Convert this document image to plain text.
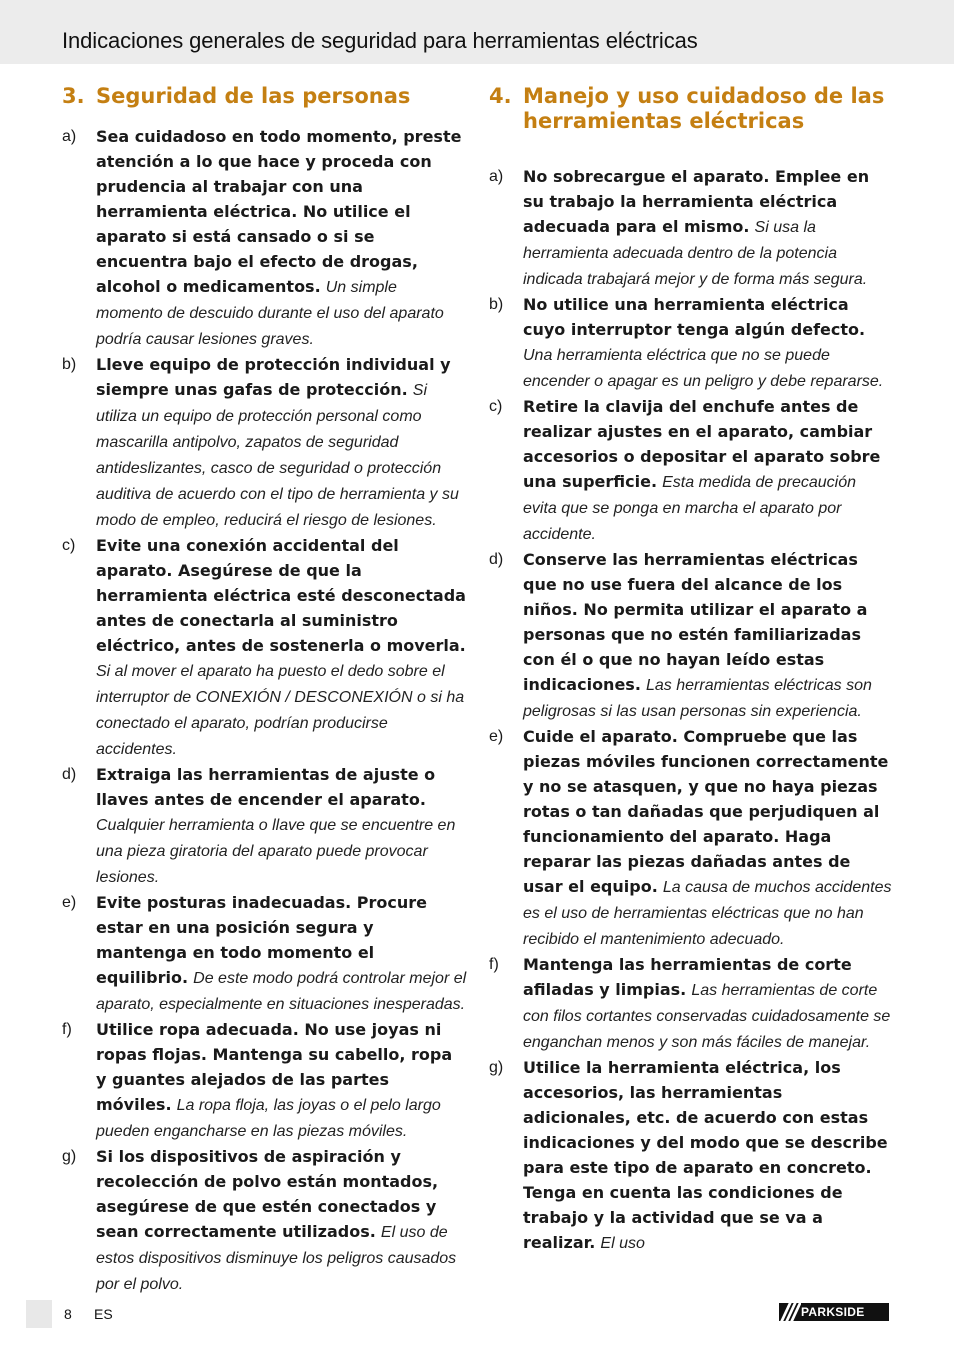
Indicaciones generales de seguridad para herramientas eléctricas
3. Seguridad de las personas
a)	Sea cuidadoso en todo momento, preste atención a lo que hace y proceda con prudencia al trabajar con una herramienta eléctrica. No utilice el aparato si está cansado o si se encuentra bajo el efecto de drogas, alcohol o medicamentos. Un simple momento de descuido durante el uso del aparato podría causar lesiones graves.
b)	Lleve equipo de protección individual y siempre unas gafas de protección. Si utiliza un equipo de protección personal como mascarilla antipolvo, zapatos de seguridad antideslizantes, casco de seguridad o protección auditiva de acuerdo con el tipo de herramienta y su modo de empleo, reducirá el riesgo de lesiones.
c)	Evite una conexión accidental del aparato. Asegúrese de que la herramienta eléctrica esté desconectada antes de conectarla al suministro eléctrico, antes de sostenerla o moverla. Si al mover el aparato ha puesto el dedo sobre el interruptor de CONEXIÓN / DESCONEXIÓN o si ha conectado el aparato, podrían producirse accidentes.
d)	Extraiga las herramientas de ajuste o llaves antes de encender el aparato. Cualquier herramienta o llave que se encuentre en una pieza giratoria del aparato puede provocar lesiones.
e)	Evite posturas inadecuadas. Procure estar en una posición segura y mantenga en todo momento el equilibrio. De este modo podrá controlar mejor el aparato, especialmente en situaciones inesperadas.
f)	Utilice ropa adecuada. No use joyas ni ropas flojas. Mantenga su cabello, ropa y guantes alejados de las partes móviles. La ropa floja, las joyas o el pelo largo pueden engancharse en las piezas móviles.
g)	Si los dispositivos de aspiración y recolección de polvo están montados, asegúrese de que estén conectados y sean correctamente utilizados. El uso de estos dispositivos disminuye los peligros causados por el polvo.
4. Manejo y uso cuidadoso de las herramientas eléctricas
a)	No sobrecargue el aparato. Emplee en su trabajo la herramienta eléctrica adecuada para el mismo. Si usa la herramienta adecuada dentro de la potencia indicada trabajará mejor y de forma más segura.
b)	No utilice una herramienta eléctrica cuyo interruptor tenga algún defecto. Una herramienta eléctrica que no se puede encender o apagar es un peligro y debe repararse.
c)	Retire la clavija del enchufe antes de realizar ajustes en el aparato, cambiar accesorios o depositar el aparato sobre una superficie. Esta medida de precaución evita que se ponga en marcha el aparato por accidente.
d)	Conserve las herramientas eléctricas que no use fuera del alcance de los niños. No permita utilizar el aparato a personas que no estén familiarizadas con él o que no hayan leído estas indicaciones. Las herramientas eléctricas son peligrosas si las usan personas sin experiencia.
e)	Cuide el aparato. Compruebe que las piezas móviles funcionen correctamente y no se atasquen, y que no haya piezas rotas o tan dañadas que perjudiquen al funcionamiento del aparato. Haga reparar las piezas dañadas antes de usar el equipo. La causa de muchos accidentes es el uso de herramientas eléctricas que no han recibido el mantenimiento adecuado.
f)	Mantenga las herramientas de corte afiladas y limpias. Las herramientas de corte con filos cortantes conservadas cuidadosamente se enganchan menos y son más fáciles de manejar.
g)	Utilice la herramienta eléctrica, los accesorios, las herramientas adicionales, etc. de acuerdo con estas indicaciones y del modo que se describe para este tipo de aparato en concreto. Tenga en cuenta las condiciones de trabajo y la actividad que se va a realizar. El uso
8 ES	PARKSIDE
